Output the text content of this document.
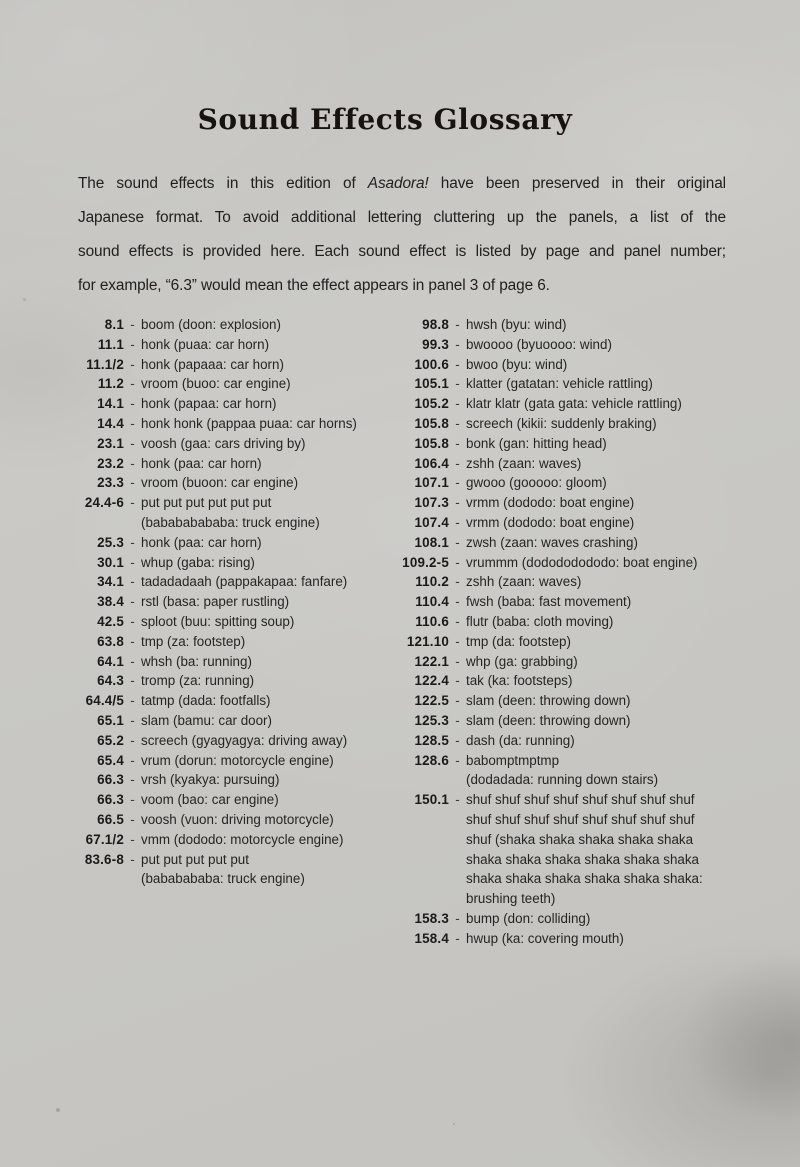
Sound Effects Glossary
The sound effects in this edition of Asadora! have been preserved in their original
Japanese format. To avoid additional lettering cluttering up the panels, a list of the
sound effects is provided here. Each sound effect is listed by page and panel number;
for example, “6.3” would mean the effect appears in panel 3 of page 6.
8.1 - boom (doon: explosion)
11.1 - honk (puaa: car horn)
11.1/2 - honk (papaaa: car horn)
11.2 - vroom (buoo: car engine)
14.1 - honk (papaa: car horn)
14.4 - honk honk (pappaa puaa: car horns)
23.1 - voosh (gaa: cars driving by)
23.2 - honk (paa: car horn)
23.3 - vroom (buoon: car engine)
24.4-6 - put put put put put put
(babababababa: truck engine)
25.3 - honk (paa: car horn)
30.1 - whup (gaba: rising)
34.1 - tadadadaah (pappakapaa: fanfare)
38.4 - rstl (basa: paper rustling)
42.5 - sploot (buu: spitting soup)
63.8 - tmp (za: footstep)
64.1 - whsh (ba: running)
64.3 - tromp (za: running)
64.4/5 - tatmp (dada: footfalls)
65.1 - slam (bamu: car door)
65.2 - screech (gyagyagya: driving away)
65.4 - vrum (dorun: motorcycle engine)
66.3 - vrsh (kyakya: pursuing)
66.3 - voom (bao: car engine)
66.5 - voosh (vuon: driving motorcycle)
67.1/2 - vmm (dododo: motorcycle engine)
83.6-8 - put put put put put
(bababababa: truck engine)
98.8 - hwsh (byu: wind)
99.3 - bwoooo (byuoooo: wind)
100.6 - bwoo (byu: wind)
105.1 - klatter (gatatan: vehicle rattling)
105.2 - klatr klatr (gata gata: vehicle rattling)
105.8 - screech (kikii: suddenly braking)
105.8 - bonk (gan: hitting head)
106.4 - zshh (zaan: waves)
107.1 - gwooo (gooooo: gloom)
107.3 - vrmm (dododo: boat engine)
107.4 - vrmm (dododo: boat engine)
108.1 - zwsh (zaan: waves crashing)
109.2-5 - vrummm (dodododododo: boat engine)
110.2 - zshh (zaan: waves)
110.4 - fwsh (baba: fast movement)
110.6 - flutr (baba: cloth moving)
121.10 - tmp (da: footstep)
122.1 - whp (ga: grabbing)
122.4 - tak (ka: footsteps)
122.5 - slam (deen: throwing down)
125.3 - slam (deen: throwing down)
128.5 - dash (da: running)
128.6 - babomptmptmp
(dodadada: running down stairs)
150.1 - shuf shuf shuf shuf shuf shuf shuf shuf
shuf shuf shuf shuf shuf shuf shuf shuf
shuf (shaka shaka shaka shaka shaka
shaka shaka shaka shaka shaka shaka
shaka shaka shaka shaka shaka shaka:
brushing teeth)
158.3 - bump (don: colliding)
158.4 - hwup (ka: covering mouth)
